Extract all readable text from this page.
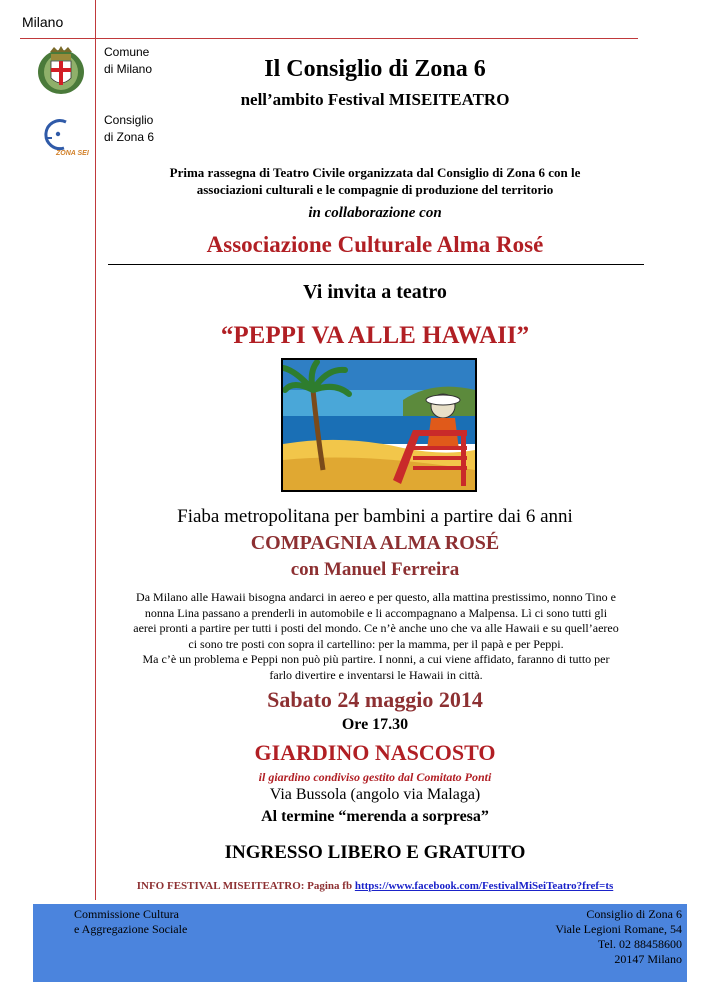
Milano
Comune
di Milano
ZONA SEI
Consiglio
di Zona 6
Il Consiglio di Zona 6
nell’ambito Festival MISEITEATRO
Prima rassegna di Teatro Civile organizzata dal Consiglio di Zona 6 con le
associazioni culturali e le compagnie di produzione del territorio
in collaborazione con
Associazione Culturale Alma Rosé
Vi invita a teatro
“PEPPI VA ALLE HAWAII”
Fiaba metropolitana per bambini a partire dai 6 anni
COMPAGNIA ALMA ROSÉ
con Manuel Ferreira
Da Milano alle Hawaii bisogna andarci in aereo e per questo, alla mattina prestissimo, nonno Tino e
nonna Lina passano a prenderli in automobile e li accompagnano a Malpensa. Lì ci sono tutti gli
aerei pronti a partire per tutti i posti del mondo. Ce n’è anche uno che va alle Hawaii e su quell’aereo
ci sono tre posti con sopra il cartellino: per la mamma, per il papà e per Peppi.
Ma c’è un problema e Peppi non può più partire. I nonni, a cui viene affidato, faranno di tutto per
farlo divertire e inventarsi le Hawaii in città.
Sabato 24 maggio 2014
Ore 17.30
GIARDINO NASCOSTO
il giardino condiviso gestito dal Comitato Ponti
Via Bussola (angolo via Malaga)
Al termine “merenda a sorpresa”
INGRESSO LIBERO E GRATUITO
INFO FESTIVAL MISEITEATRO: Pagina fb https://www.facebook.com/FestivalMiSeiTeatro?fref=ts
Commissione Cultura
e Aggregazione Sociale
Consiglio di Zona 6
Viale Legioni Romane, 54
Tel. 02 88458600
20147 Milano
